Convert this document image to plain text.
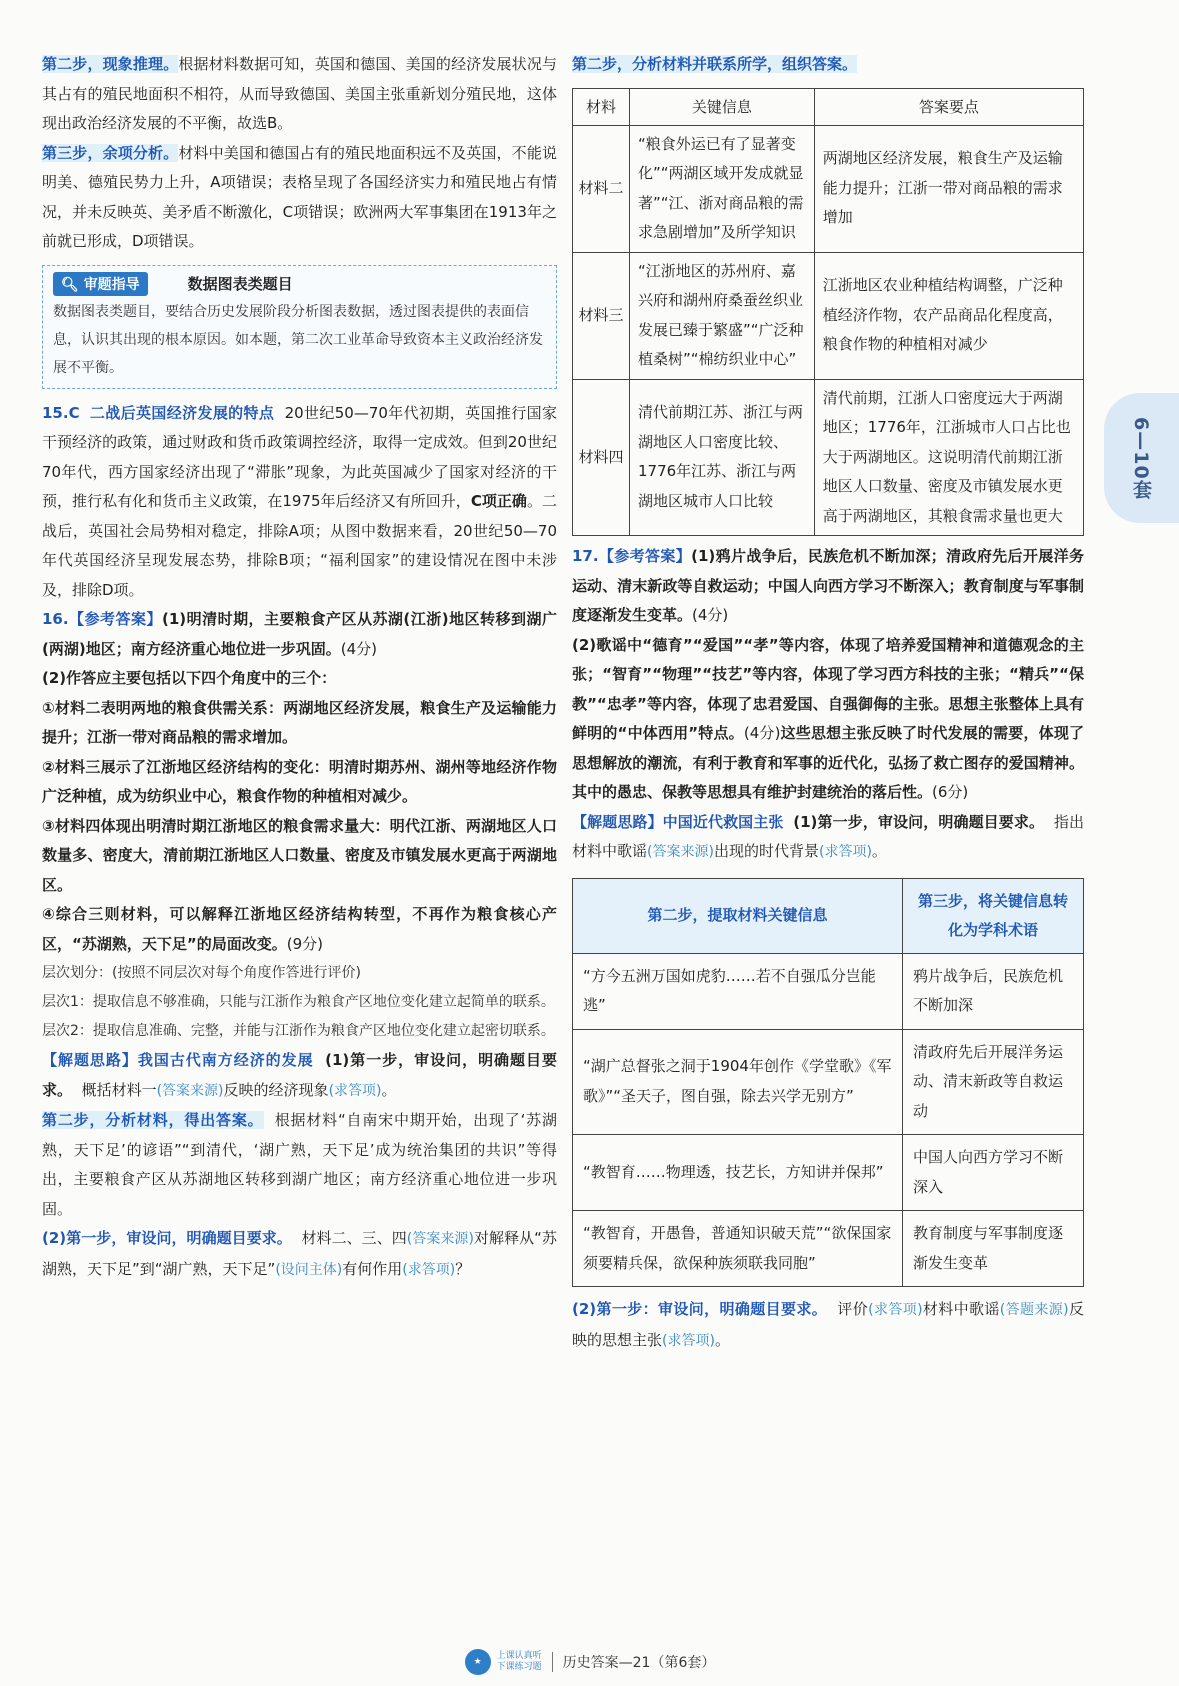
第二步，现象推理。根据材料数据可知，英国和德国、美国的经济发展状况与其占有的殖民地面积不相符，从而导致德国、美国主张重新划分殖民地，这体现出政治经济发展的不平衡，故选B。

第三步，余项分析。材料中美国和德国占有的殖民地面积远不及英国，不能说明美、德殖民势力上升，A项错误；表格呈现了各国经济实力和殖民地占有情况，并未反映英、美矛盾不断激化，C项错误；欧洲两大军事集团在1913年之前就已形成，D项错误。

🔍︎ 审题指导	数据图表类题目
数据图表类题目，要结合历史发展阶段分析图表数据，透过图表提供的表面信息，认识其出现的根本原因。如本题，第二次工业革命导致资本主义政治经济发展不平衡。

15.C 二战后英国经济发展的特点 20世纪50—70年代初期，英国推行国家干预经济的政策，通过财政和货币政策调控经济，取得一定成效。但到20世纪70年代，西方国家经济出现了“滞胀”现象，为此英国减少了国家对经济的干预，推行私有化和货币主义政策，在1975年后经济又有所回升，C项正确。二战后，英国社会局势相对稳定，排除A项；从图中数据来看，20世纪50—70年代英国经济呈现发展态势，排除B项；“福利国家”的建设情况在图中未涉及，排除D项。

16.【参考答案】(1)明清时期，主要粮食产区从苏湖(江浙)地区转移到湖广(两湖)地区；南方经济重心地位进一步巩固。(4分)

(2)作答应主要包括以下四个角度中的三个：

①材料二表明两地的粮食供需关系：两湖地区经济发展，粮食生产及运输能力提升；江浙一带对商品粮的需求增加。

②材料三展示了江浙地区经济结构的变化：明清时期苏州、湖州等地经济作物广泛种植，成为纺织业中心，粮食作物的种植相对减少。

③材料四体现出明清时期江浙地区的粮食需求量大：明代江浙、两湖地区人口数量多、密度大，清前期江浙地区人口数量、密度及市镇发展水更高于两湖地区。

④综合三则材料，可以解释江浙地区经济结构转型，不再作为粮食核心产区，“苏湖熟，天下足”的局面改变。(9分)

层次划分：(按照不同层次对每个角度作答进行评价)

层次1：提取信息不够准确，只能与江浙作为粮食产区地位变化建立起简单的联系。

层次2：提取信息准确、完整，并能与江浙作为粮食产区地位变化建立起密切联系。

【解题思路】我国古代南方经济的发展 (1)第一步，审设问，明确题目要求。 概括材料一(答案来源)反映的经济现象(求答项)。

第二步，分析材料，得出答案。 根据材料“自南宋中期开始，出现了‘苏湖熟，天下足’的谚语”“到清代，‘湖广熟，天下足’成为统治集团的共识”等得出，主要粮食产区从苏湖地区转移到湖广地区；南方经济重心地位进一步巩固。

(2)第一步，审设问，明确题目要求。 材料二、三、四(答案来源)对解释从“苏湖熟，天下足”到“湖广熟，天下足”(设问主体)有何作用(求答项)？

第二步，分析材料并联系所学，组织答案。

材料	关键信息	答案要点
材料二	“粮食外运已有了显著变化”“两湖区域开发成就显著”“江、浙对商品粮的需求急剧增加”及所学知识	两湖地区经济发展，粮食生产及运输能力提升；江浙一带对商品粮的需求增加
材料三	“江浙地区的苏州府、嘉兴府和湖州府桑蚕丝织业发展已臻于繁盛”“广泛种植桑树”“棉纺织业中心”	江浙地区农业种植结构调整，广泛种植经济作物，农产品商品化程度高，粮食作物的种植相对减少
材料四	清代前期江苏、浙江与两湖地区人口密度比较、1776年江苏、浙江与两湖地区城市人口比较	清代前期，江浙人口密度远大于两湖地区；1776年，江浙城市人口占比也大于两湖地区。这说明清代前期江浙地区人口数量、密度及市镇发展水更高于两湖地区，其粮食需求量也更大

17.【参考答案】(1)鸦片战争后，民族危机不断加深；清政府先后开展洋务运动、清末新政等自救运动；中国人向西方学习不断深入；教育制度与军事制度逐渐发生变革。(4分)

(2)歌谣中“德育”“爱国”“孝”等内容，体现了培养爱国精神和道德观念的主张；“智育”“物理”“技艺”等内容，体现了学习西方科技的主张；“精兵”“保教”“忠孝”等内容，体现了忠君爱国、自强御侮的主张。思想主张整体上具有鲜明的“中体西用”特点。(4分)这些思想主张反映了时代发展的需要，体现了思想解放的潮流，有利于教育和军事的近代化，弘扬了救亡图存的爱国精神。其中的愚忠、保教等思想具有维护封建统治的落后性。(6分)

【解题思路】中国近代救国主张 (1)第一步，审设问，明确题目要求。 指出材料中歌谣(答案来源)出现的时代背景(求答项)。

第二步，提取材料关键信息	第三步，将关键信息转化为学科术语
“方今五洲万国如虎豹……若不自强瓜分岂能逃”	鸦片战争后，民族危机不断加深
“湖广总督张之洞于1904年创作《学堂歌》《军歌》”“圣天子，图自强，除去兴学无别方”	清政府先后开展洋务运动、清末新政等自救运动
“教智育……物理透，技艺长，方知讲并保邦”	中国人向西方学习不断深入
“教智育，开愚鲁，普通知识破天荒”“欲保国家须要精兵保，欲保种族须联我同胞”	教育制度与军事制度逐渐发生变革

(2)第一步：审设问，明确题目要求。 评价(求答项)材料中歌谣(答题来源)反映的思想主张(求答项)。

6—10套
★
上课认真听
下课练习题 历史答案—21（第6套）
